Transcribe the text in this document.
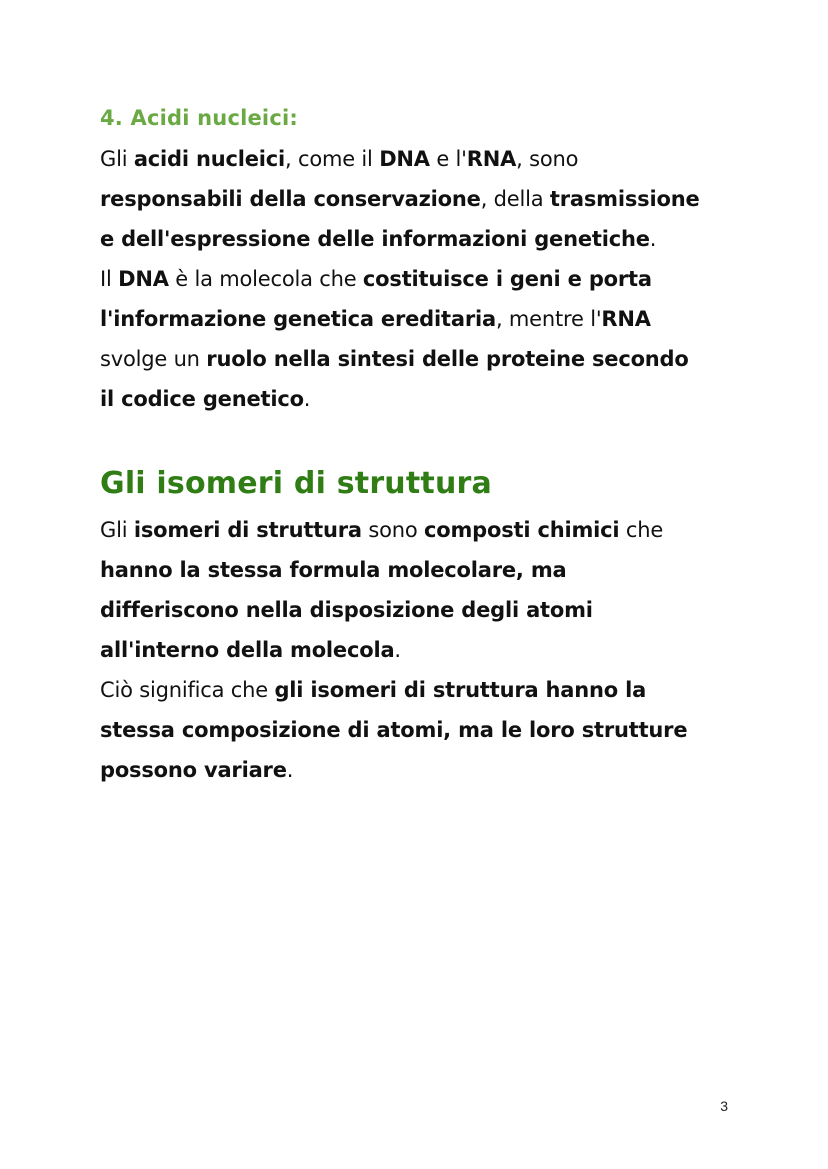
4. Acidi nucleici:
Gli acidi nucleici, come il DNA e l'RNA, sono
responsabili della conservazione, della trasmissione
e dell'espressione delle informazioni genetiche.
Il DNA è la molecola che costituisce i geni e porta
l'informazione genetica ereditaria, mentre l'RNA
svolge un ruolo nella sintesi delle proteine secondo
il codice genetico.
Gli isomeri di struttura
Gli isomeri di struttura sono composti chimici che
hanno la stessa formula molecolare, ma
differiscono nella disposizione degli atomi
all'interno della molecola.
Ciò significa che gli isomeri di struttura hanno la
stessa composizione di atomi, ma le loro strutture
possono variare.
3
